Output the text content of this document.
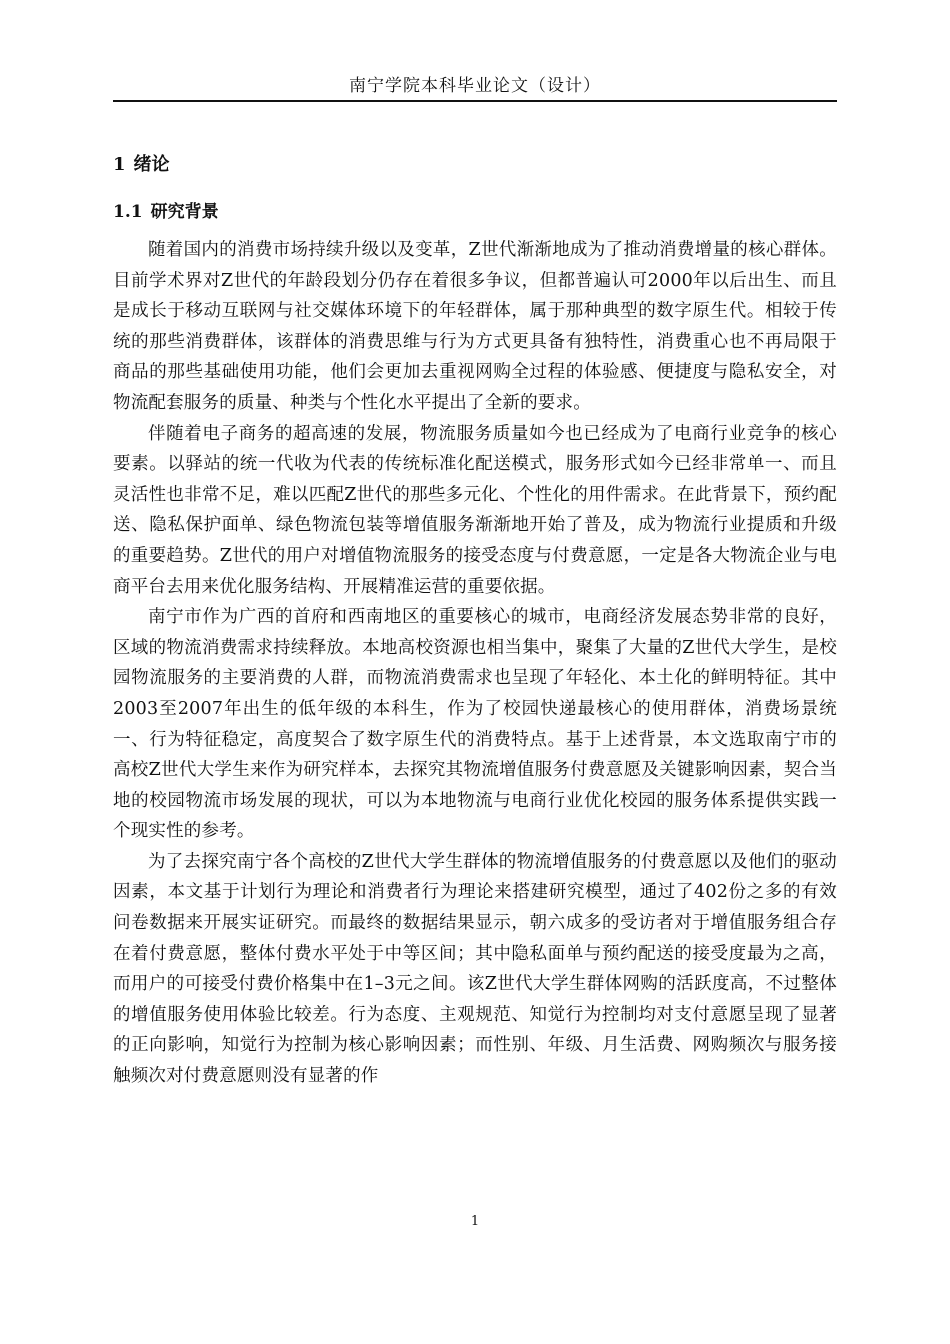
南宁学院本科毕业论文（设计）
1 绪论
1.1 研究背景

随着国内的消费市场持续升级以及变革，Z世代渐渐地成为了推动消费增量的核心群体。目前学术界对Z世代的年龄段划分仍存在着很多争议，但都普遍认可2000年以后出生、而且是成长于移动互联网与社交媒体环境下的年轻群体，属于那种典型的数字原生代。相较于传统的那些消费群体，该群体的消费思维与行为方式更具备有独特性，消费重心也不再局限于商品的那些基础使用功能，他们会更加去重视网购全过程的体验感、便捷度与隐私安全，对物流配套服务的质量、种类与个性化水平提出了全新的要求。

伴随着电子商务的超高速的发展，物流服务质量如今也已经成为了电商行业竞争的核心要素。以驿站的统一代收为代表的传统标准化配送模式，服务形式如今已经非常单一、而且灵活性也非常不足，难以匹配Z世代的那些多元化、个性化的用件需求。在此背景下，预约配送、隐私保护面单、绿色物流包装等增值服务渐渐地开始了普及，成为物流行业提质和升级的重要趋势。Z世代的用户对增值物流服务的接受态度与付费意愿，一定是各大物流企业与电商平台去用来优化服务结构、开展精准运营的重要依据。

南宁市作为广西的首府和西南地区的重要核心的城市，电商经济发展态势非常的良好，区域的物流消费需求持续释放。本地高校资源也相当集中，聚集了大量的Z世代大学生，是校园物流服务的主要消费的人群，而物流消费需求也呈现了年轻化、本土化的鲜明特征。其中2003至2007年出生的低年级的本科生，作为了校园快递最核心的使用群体，消费场景统一、行为特征稳定，高度契合了数字原生代的消费特点。基于上述背景，本文选取南宁市的高校Z世代大学生来作为研究样本，去探究其物流增值服务付费意愿及关键影响因素，契合当地的校园物流市场发展的现状，可以为本地物流与电商行业优化校园的服务体系提供实践一个现实性的参考。

为了去探究南宁各个高校的Z世代大学生群体的物流增值服务的付费意愿以及他们的驱动因素，本文基于计划行为理论和消费者行为理论来搭建研究模型，通过了402份之多的有效问卷数据来开展实证研究。而最终的数据结果显示，朝六成多的受访者对于增值服务组合存在着付费意愿，整体付费水平处于中等区间；其中隐私面单与预约配送的接受度最为之高，而用户的可接受付费价格集中在1–3元之间。该Z世代大学生群体网购的活跃度高，不过整体的增值服务使用体验比较差。行为态度、主观规范、知觉行为控制均对支付意愿呈现了显著的正向影响，知觉行为控制为核心影响因素；而性别、年级、月生活费、网购频次与服务接触频次对付费意愿则没有显著的作

1
